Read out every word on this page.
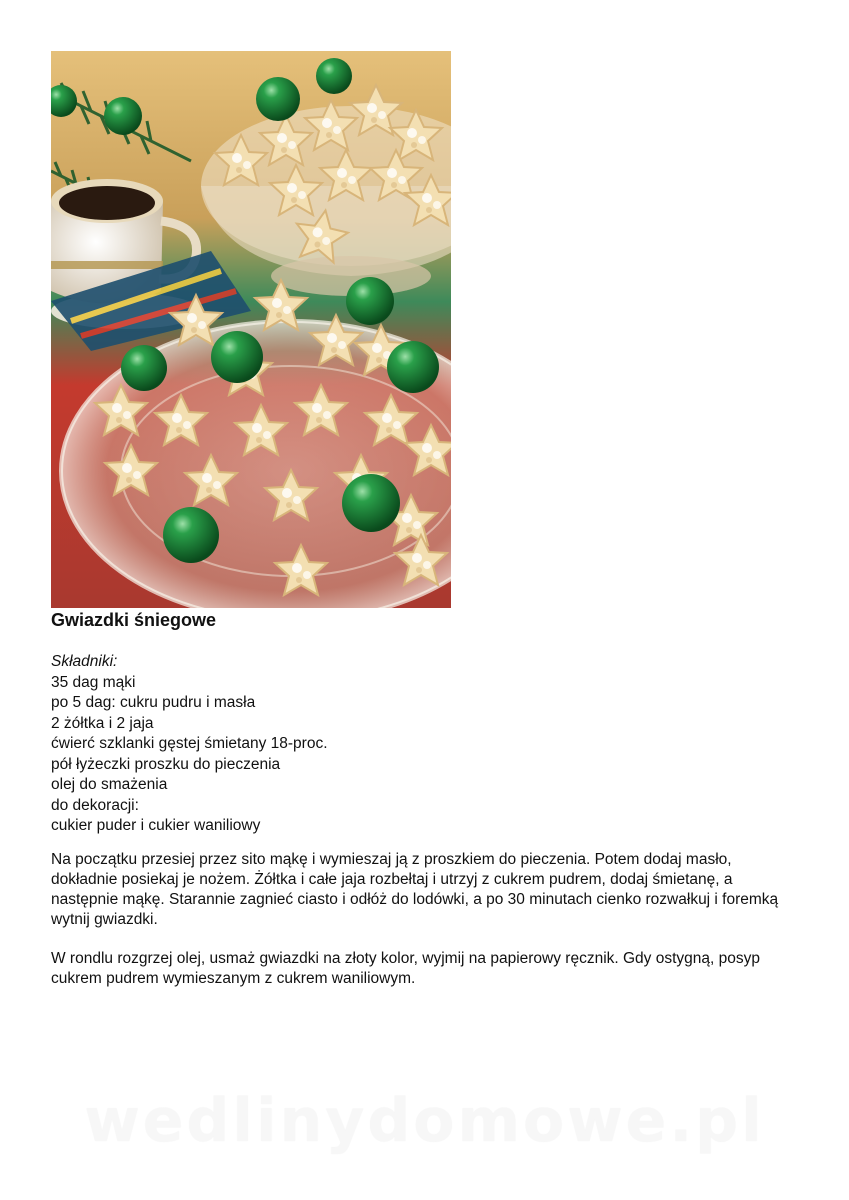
Gwiazdki śniegowe
Składniki:
35 dag mąki
po 5 dag: cukru pudru i masła
2 żółtka i 2 jaja
ćwierć szklanki gęstej śmietany 18-proc.
pół łyżeczki proszku do pieczenia
olej do smażenia
do dekoracji:
cukier puder i cukier waniliowy

Na początku przesiej przez sito mąkę i wymieszaj ją z proszkiem do pieczenia. Potem dodaj masło, dokładnie posiekaj je nożem. Żółtka i całe jaja rozbełtaj i utrzyj z cukrem pudrem, dodaj śmietanę, a następnie mąkę. Starannie zagnieć ciasto i odłóż do lodówki, a po 30 minutach cienko rozwałkuj i foremką wytnij gwiazdki.

W rondlu rozgrzej olej, usmaż gwiazdki na złoty kolor, wyjmij na papierowy ręcznik. Gdy ostygną, posyp cukrem pudrem wymieszanym z cukrem waniliowym.

wedlinydomowe.pl
